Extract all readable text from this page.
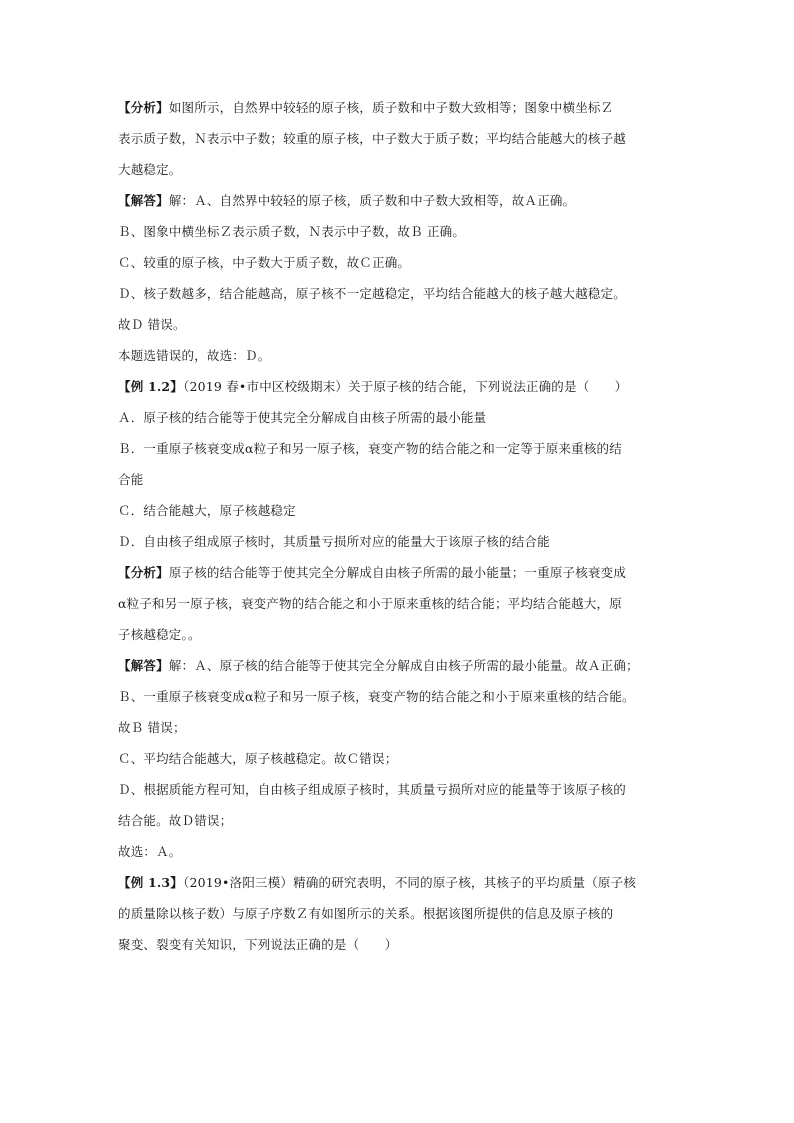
【分析】如图所示，自然界中较轻的原子核，质子数和中子数大致相等；图象中横坐标Ｚ
表示质子数，Ｎ表示中子数；较重的原子核，中子数大于质子数；平均结合能越大的核子越
大越稳定。
【解答】解：Ａ、自然界中较轻的原子核，质子数和中子数大致相等，故Ａ正确。
Ｂ、图象中横坐标Ｚ表示质子数，Ｎ表示中子数，故Ｂ 正确。
Ｃ、较重的原子核，中子数大于质子数，故Ｃ正确。
Ｄ、核子数越多，结合能越高，原子核不一定越稳定，平均结合能越大的核子越大越稳定。
故Ｄ 错误。
本题选错误的，故选：Ｄ。
【例 1.2】（2019 春•市中区校级期末）关于原子核的结合能，下列说法正确的是（　　）
Ａ．原子核的结合能等于使其完全分解成自由核子所需的最小能量
Ｂ．一重原子核衰变成α粒子和另一原子核，衰变产物的结合能之和一定等于原来重核的结
合能
Ｃ．结合能越大，原子核越稳定
Ｄ．自由核子组成原子核时，其质量亏损所对应的能量大于该原子核的结合能
【分析】原子核的结合能等于使其完全分解成自由核子所需的最小能量；一重原子核衰变成
α粒子和另一原子核，衰变产物的结合能之和小于原来重核的结合能；平均结合能越大，原
子核越稳定。。
【解答】解：Ａ、原子核的结合能等于使其完全分解成自由核子所需的最小能量。故Ａ正确；
Ｂ、一重原子核衰变成α粒子和另一原子核，衰变产物的结合能之和小于原来重核的结合能。
故Ｂ 错误；
Ｃ、平均结合能越大，原子核越稳定。故Ｃ错误；
Ｄ、根据质能方程可知，自由核子组成原子核时，其质量亏损所对应的能量等于该原子核的
结合能。故Ｄ错误；
故选：Ａ。
【例 1.3】（2019•洛阳三模）精确的研究表明，不同的原子核，其核子的平均质量（原子核
的质量除以核子数）与原子序数Ｚ有如图所示的关系。根据该图所提供的信息及原子核的
聚变、裂变有关知识，下列说法正确的是（　　）
